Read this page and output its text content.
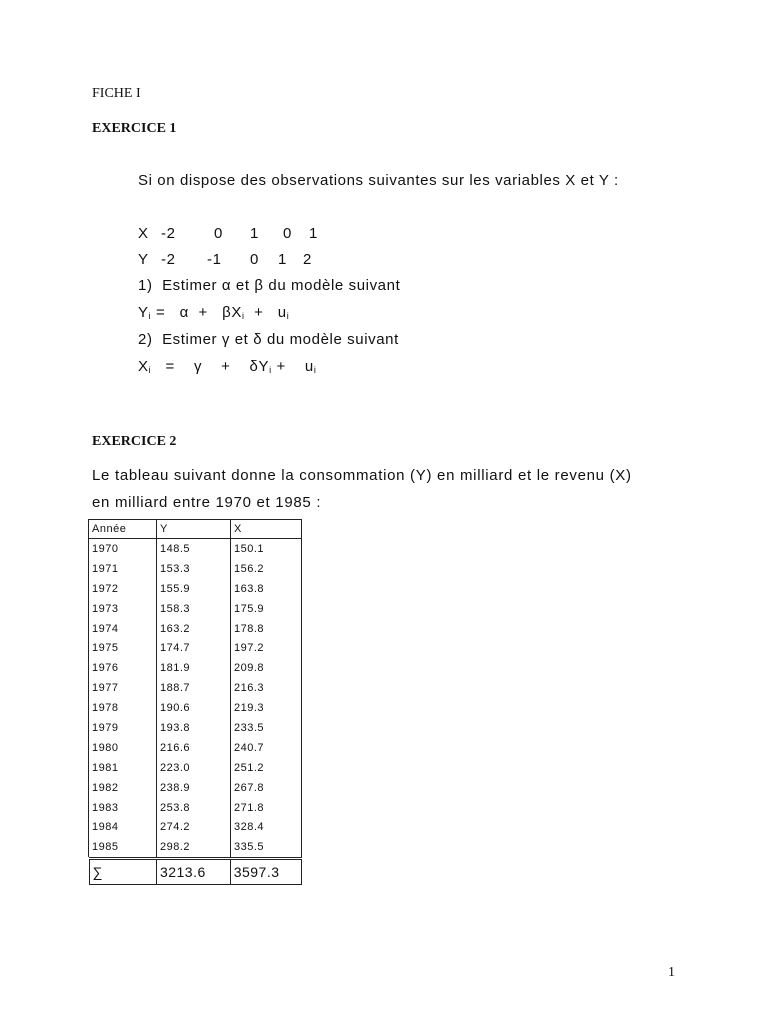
FICHE I
EXERCICE 1
Si on dispose des observations suivantes sur les variables X et Y :
X -2	0 1 0 1
Y -2 -1 0 1 2
1)  Estimer α et β du modèle suivant
$Y_i = \alpha + \beta X_i + u_i$
2)  Estimer γ et δ du modèle suivant
$X_i$   =    γ    +    $\delta Y_i$ +    $u_i$
EXERCICE 2
Le tableau suivant donne la consommation (Y) en milliard et le revenu (X)
en milliard entre 1970 et 1985 :
Année	Y	X
1970	148.5	150.1
1971	153.3	156.2
1972	155.9	163.8
1973	158.3	175.9
1974	163.2	178.8
1975	174.7	197.2
1976	181.9	209.8
1977	188.7	216.3
1978	190.6	219.3
1979	193.8	233.5
1980	216.6	240.7
1981	223.0	251.2
1982	238.9	267.8
1983	253.8	271.8
1984	274.2	328.4
1985	298.2	335.5

∑	3213.6	3597.3
1
